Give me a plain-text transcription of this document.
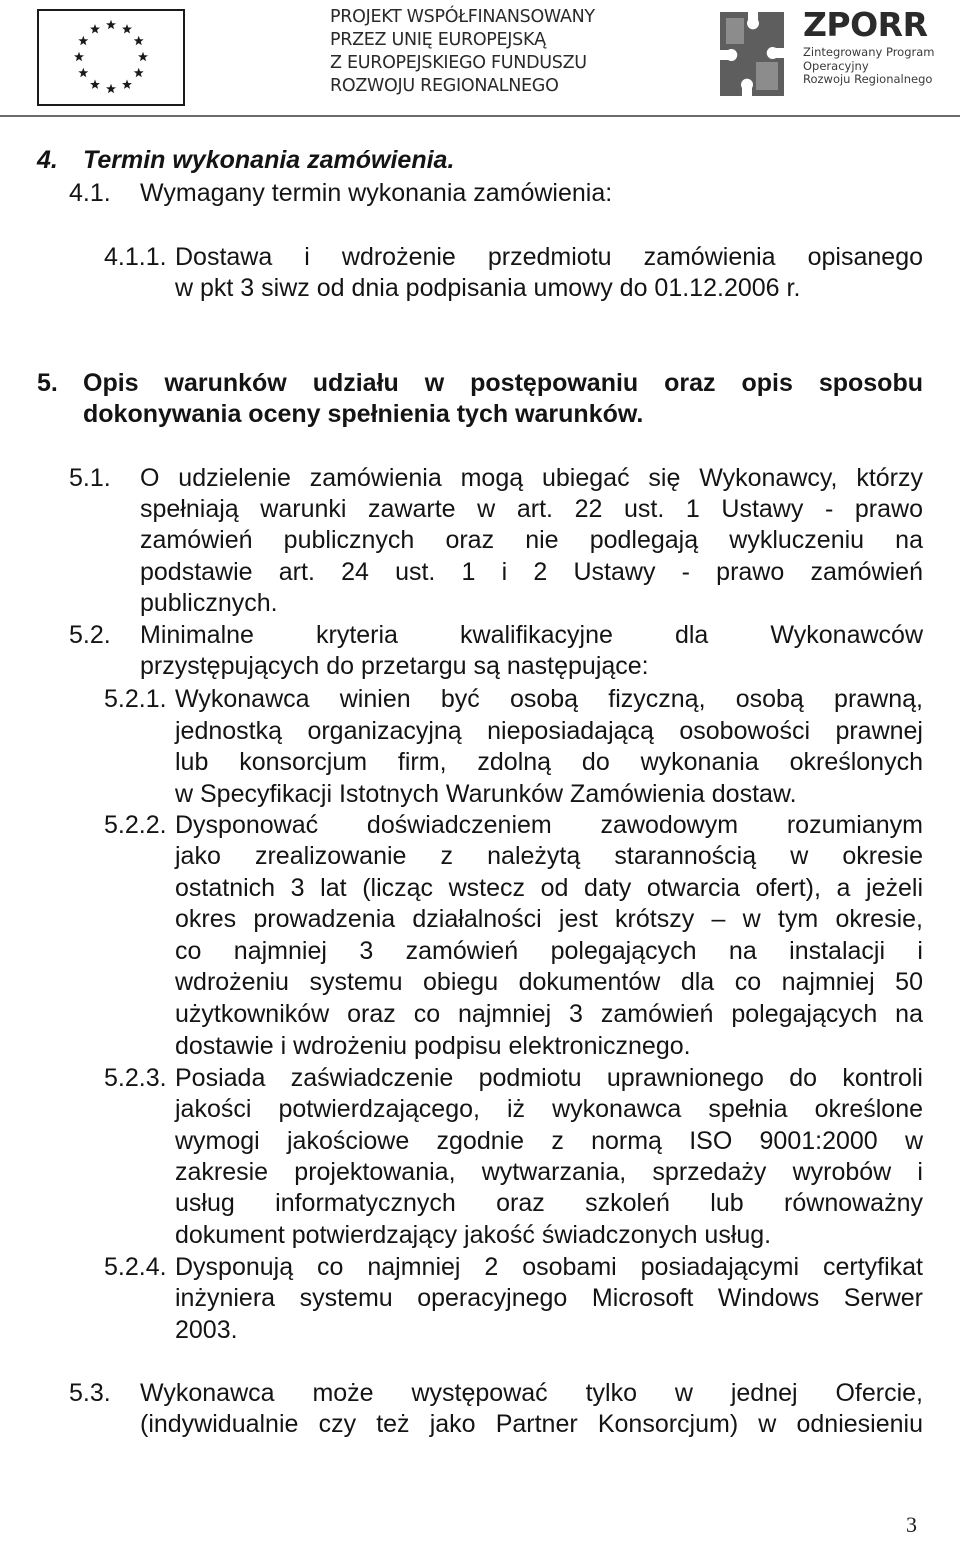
PROJEKT WSPÓŁFINANSOWANY
PRZEZ UNIĘ EUROPEJSKĄ
Z EUROPEJSKIEGO FUNDUSZU
ROZWOJU REGIONALNEGO
ZPORR
Zintegrowany Program
Operacyjny
Rozwoju Regionalnego
4. Termin wykonania zamówienia.
4.1. Wymagany termin wykonania zamówienia:
4.1.1. Dostawa i wdrożenie przedmiotu zamówienia opisanego
w pkt 3 siwz od dnia podpisania umowy do 01.12.2006 r.
5. Opis warunków udziału w postępowaniu oraz opis sposobu
dokonywania oceny spełnienia tych warunków.
5.1. O udzielenie zamówienia mogą ubiegać się Wykonawcy, którzy
spełniają warunki zawarte w art. 22 ust. 1 Ustawy - prawo
zamówień publicznych oraz nie podlegają wykluczeniu na
podstawie art. 24 ust. 1 i 2 Ustawy - prawo zamówień
publicznych.
5.2. Minimalne kryteria kwalifikacyjne dla Wykonawców
przystępujących do przetargu są następujące:
5.2.1. Wykonawca winien być osobą fizyczną, osobą prawną,
jednostką organizacyjną nieposiadającą osobowości prawnej
lub konsorcjum firm, zdolną do wykonania określonych
w Specyfikacji Istotnych Warunków Zamówienia dostaw.
5.2.2. Dysponować doświadczeniem zawodowym rozumianym
jako zrealizowanie z należytą starannością w okresie
ostatnich 3 lat (licząc wstecz od daty otwarcia ofert), a jeżeli
okres prowadzenia działalności jest krótszy – w tym okresie,
co najmniej 3 zamówień polegających na instalacji i
wdrożeniu systemu obiegu dokumentów dla co najmniej 50
użytkowników oraz co najmniej 3 zamówień polegających na
dostawie i wdrożeniu podpisu elektronicznego.
5.2.3. Posiada zaświadczenie podmiotu uprawnionego do kontroli
jakości potwierdzającego, iż wykonawca spełnia określone
wymogi jakościowe zgodnie z normą ISO 9001:2000 w
zakresie projektowania, wytwarzania, sprzedaży wyrobów i
usług informatycznych oraz szkoleń lub równoważny
dokument potwierdzający jakość świadczonych usług.
5.2.4. Dysponują co najmniej 2 osobami posiadającymi certyfikat
inżyniera systemu operacyjnego Microsoft Windows Serwer
2003.
5.3. Wykonawca może występować tylko w jednej Ofercie,
(indywidualnie czy też jako Partner Konsorcjum) w odniesieniu
3
